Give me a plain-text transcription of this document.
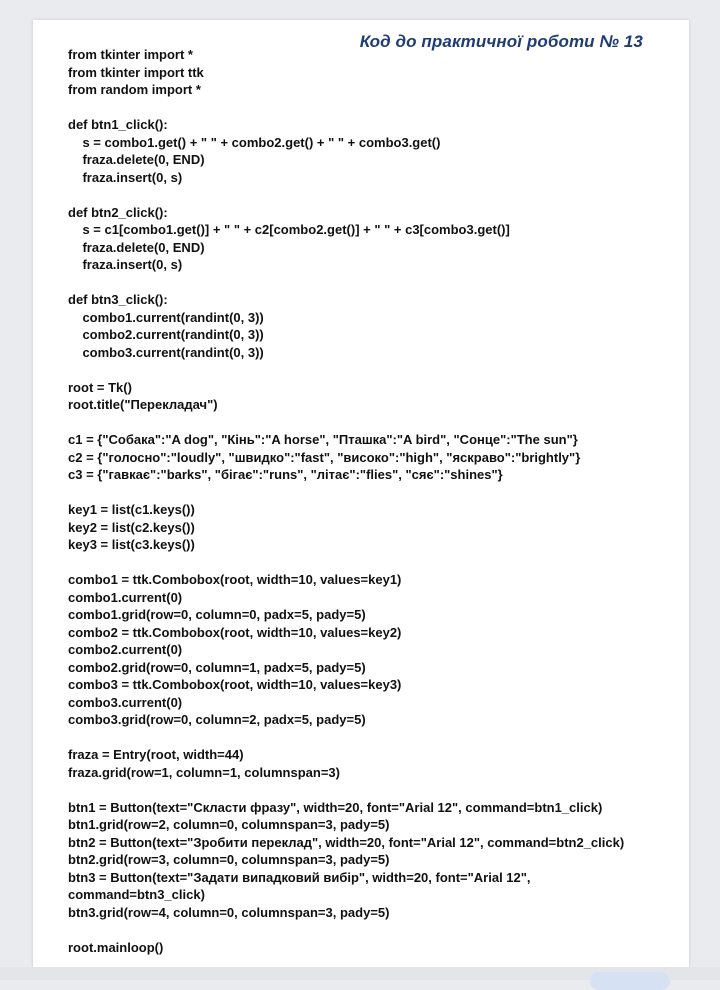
Код до практичної роботи № 13
from tkinter import *
from tkinter import ttk
from random import *
def btn1_click():
s = combo1.get() + " " + combo2.get() + " " + combo3.get()
fraza.delete(0, END)
fraza.insert(0, s)
def btn2_click():
s = c1[combo1.get()] + " " + c2[combo2.get()] + " " + c3[combo3.get()]
fraza.delete(0, END)
fraza.insert(0, s)
def btn3_click():
combo1.current(randint(0, 3))
combo2.current(randint(0, 3))
combo3.current(randint(0, 3))
root = Tk()
root.title("Перекладач")
c1 = {"Собака":"A dog", "Кінь":"A horse", "Пташка":"A bird", "Сонце":"The sun"}
c2 = {"голосно":"loudly", "швидко":"fast", "високо":"high", "яскраво":"brightly"}
c3 = {"гавкає":"barks", "бігає":"runs", "літає":"flies", "сяє":"shines"}
key1 = list(c1.keys())
key2 = list(c2.keys())
key3 = list(c3.keys())
combo1 = ttk.Combobox(root, width=10, values=key1)
combo1.current(0)
combo1.grid(row=0, column=0, padx=5, pady=5)
combo2 = ttk.Combobox(root, width=10, values=key2)
combo2.current(0)
combo2.grid(row=0, column=1, padx=5, pady=5)
combo3 = ttk.Combobox(root, width=10, values=key3)
combo3.current(0)
combo3.grid(row=0, column=2, padx=5, pady=5)
fraza = Entry(root, width=44)
fraza.grid(row=1, column=1, columnspan=3)
btn1 = Button(text="Скласти фразу", width=20, font="Arial 12", command=btn1_click)
btn1.grid(row=2, column=0, columnspan=3, pady=5)
btn2 = Button(text="Зробити переклад", width=20, font="Arial 12", command=btn2_click)
btn2.grid(row=3, column=0, columnspan=3, pady=5)
btn3 = Button(text="Задати випадковий вибір", width=20, font="Arial 12",
command=btn3_click)
btn3.grid(row=4, column=0, columnspan=3, pady=5)
root.mainloop()
